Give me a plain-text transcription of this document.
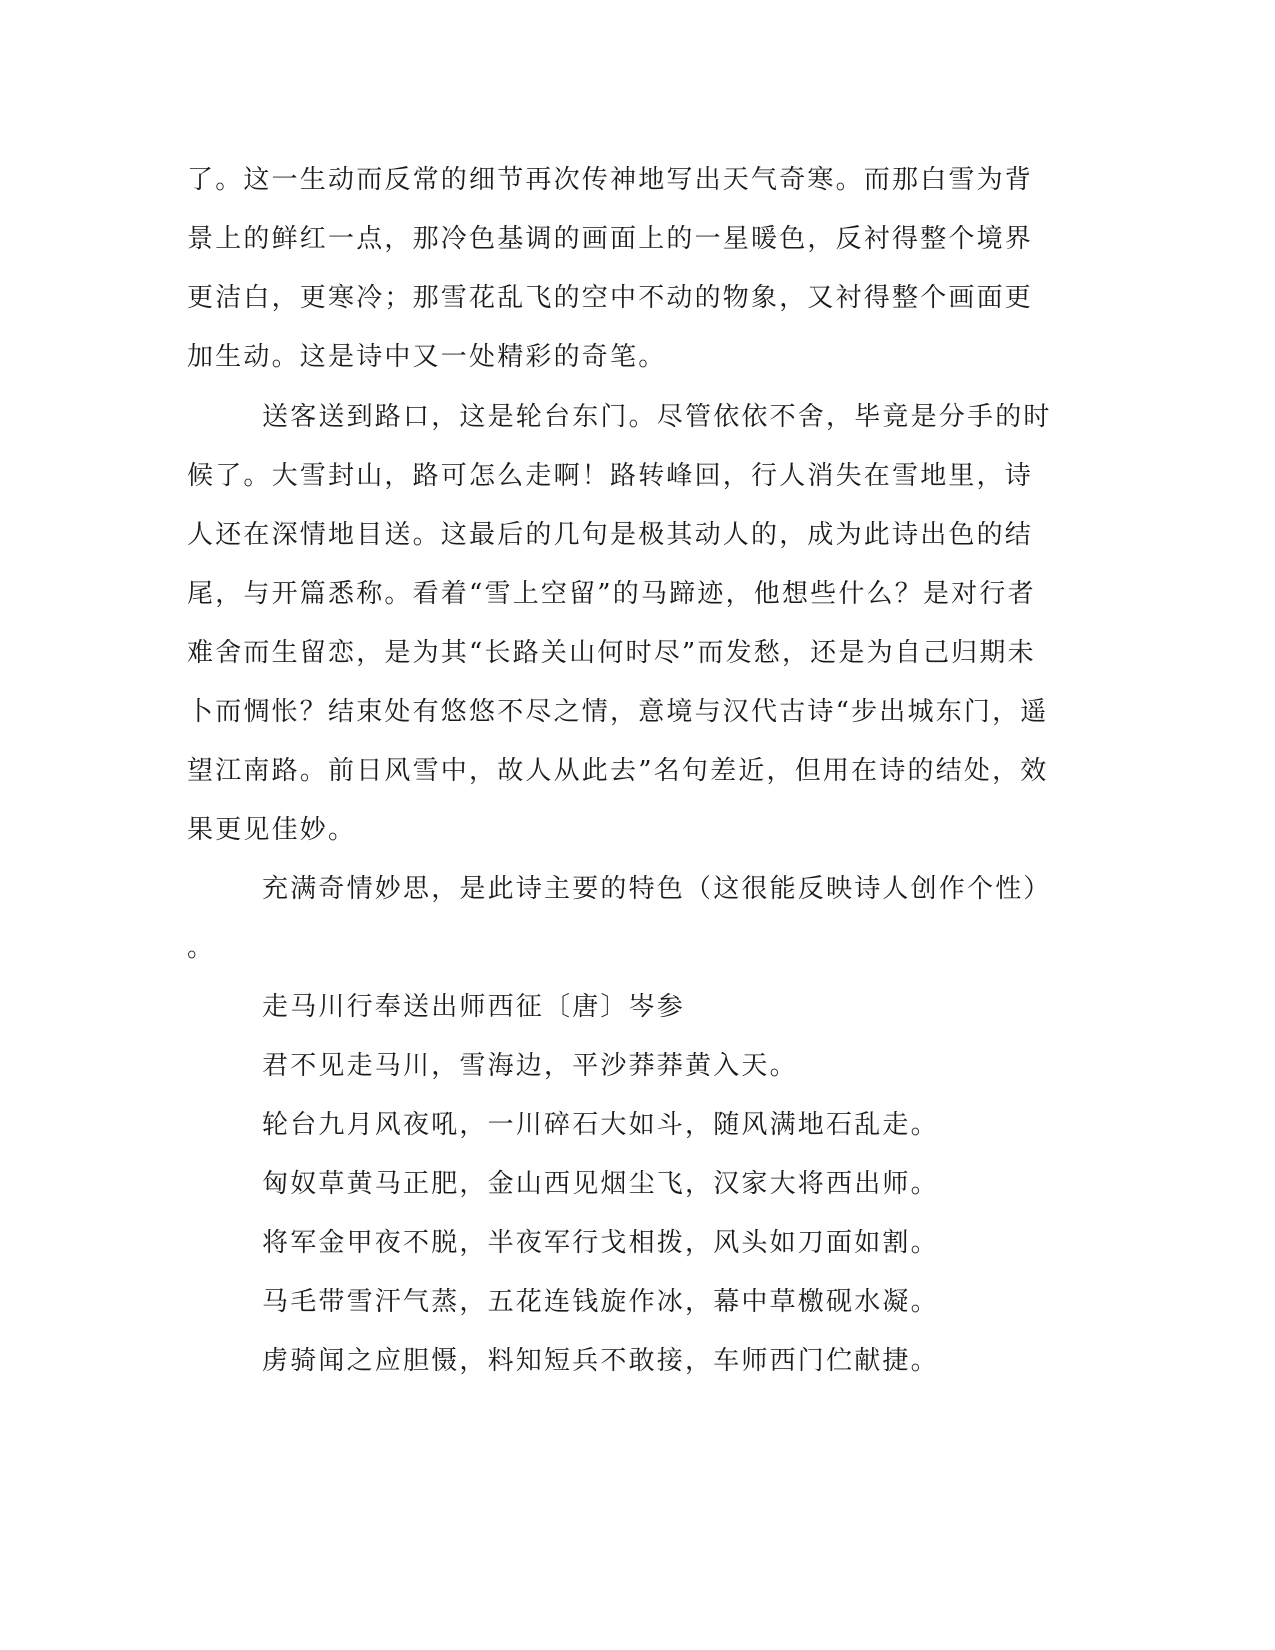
了。这一生动而反常的细节再次传神地写出天气奇寒。而那白雪为背
景上的鲜红一点，那冷色基调的画面上的一星暖色，反衬得整个境界
更洁白，更寒冷；那雪花乱飞的空中不动的物象，又衬得整个画面更
加生动。这是诗中又一处精彩的奇笔。
送客送到路口，这是轮台东门。尽管依依不舍，毕竟是分手的时
候了。大雪封山，路可怎么走啊！路转峰回，行人消失在雪地里，诗
人还在深情地目送。这最后的几句是极其动人的，成为此诗出色的结
尾，与开篇悉称。看着“雪上空留”的马蹄迹，他想些什么？是对行者
难舍而生留恋，是为其“长路关山何时尽”而发愁，还是为自己归期未
卜而惆怅？结束处有悠悠不尽之情，意境与汉代古诗“步出城东门，遥
望江南路。前日风雪中，故人从此去”名句差近，但用在诗的结处，效
果更见佳妙。
充满奇情妙思，是此诗主要的特色（这很能反映诗人创作个性）
。
走马川行奉送出师西征〔唐〕岑参
君不见走马川，雪海边，平沙莽莽黄入天。
轮台九月风夜吼，一川碎石大如斗，随风满地石乱走。
匈奴草黄马正肥，金山西见烟尘飞，汉家大将西出师。
将军金甲夜不脱，半夜军行戈相拨，风头如刀面如割。
马毛带雪汗气蒸，五花连钱旋作冰，幕中草檄砚水凝。
虏骑闻之应胆慑，料知短兵不敢接，车师西门伫献捷。
